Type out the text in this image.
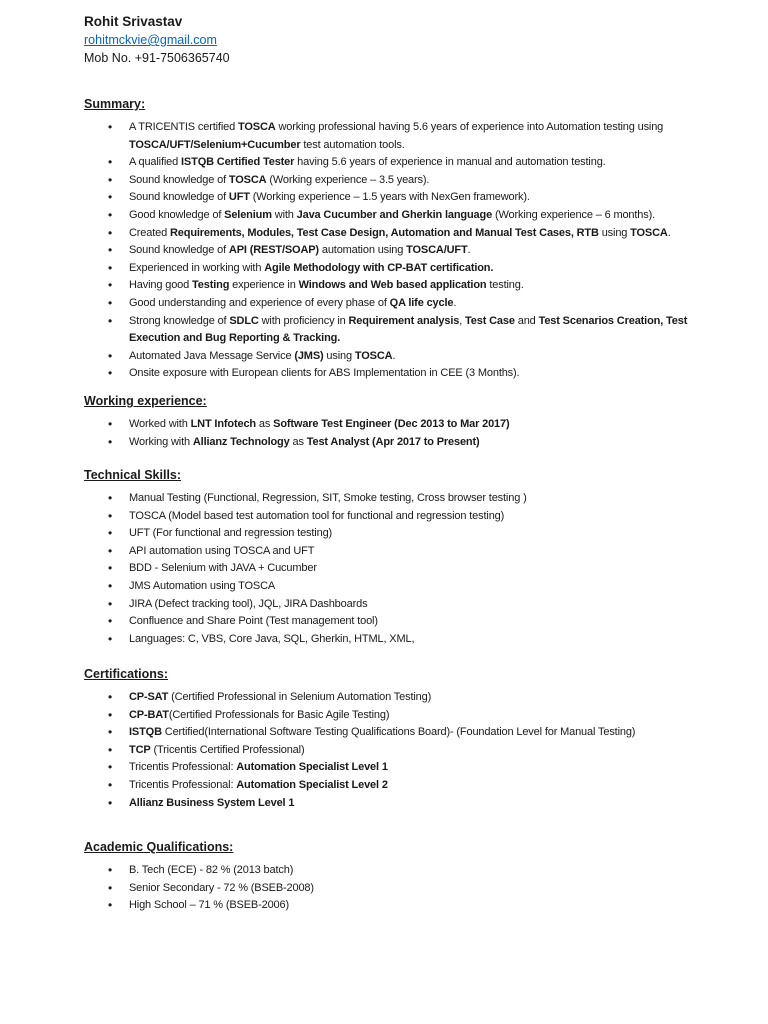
Rohit Srivastav
rohitmckvie@gmail.com
Mob No. +91-7506365740
Summary:
• A TRICENTIS certified TOSCA working professional having 5.6 years of experience into Automation testing using TOSCA/UFT/Selenium+Cucumber test automation tools.
• A qualified ISTQB Certified Tester having 5.6 years of experience in manual and automation testing.
• Sound knowledge of TOSCA (Working experience – 3.5 years).
• Sound knowledge of UFT (Working experience – 1.5 years with NexGen framework).
• Good knowledge of Selenium with Java Cucumber and Gherkin language (Working experience – 6 months).
• Created Requirements, Modules, Test Case Design, Automation and Manual Test Cases, RTB using TOSCA.
• Sound knowledge of API (REST/SOAP) automation using TOSCA/UFT.
• Experienced in working with Agile Methodology with CP-BAT certification.
• Having good Testing experience in Windows and Web based application testing.
• Good understanding and experience of every phase of QA life cycle.
• Strong knowledge of SDLC with proficiency in Requirement analysis, Test Case and Test Scenarios Creation, Test Execution and Bug Reporting & Tracking.
• Automated Java Message Service (JMS) using TOSCA.
• Onsite exposure with European clients for ABS Implementation in CEE (3 Months).
Working experience:
• Worked with LNT Infotech as Software Test Engineer (Dec 2013 to Mar 2017)
• Working with Allianz Technology as Test Analyst (Apr 2017 to Present)
Technical Skills:
• Manual Testing (Functional, Regression, SIT, Smoke testing, Cross browser testing )
• TOSCA (Model based test automation tool for functional and regression testing)
• UFT (For functional and regression testing)
• API automation using TOSCA and UFT
• BDD - Selenium with JAVA + Cucumber
• JMS Automation using TOSCA
• JIRA (Defect tracking tool), JQL, JIRA Dashboards
• Confluence and Share Point (Test management tool)
• Languages: C, VBS, Core Java, SQL, Gherkin, HTML, XML,
Certifications:
• CP-SAT (Certified Professional in Selenium Automation Testing)
• CP-BAT(Certified Professionals for Basic Agile Testing)
• ISTQB Certified(International Software Testing Qualifications Board)- (Foundation Level for Manual Testing)
• TCP (Tricentis Certified Professional)
• Tricentis Professional: Automation Specialist Level 1
• Tricentis Professional: Automation Specialist Level 2
• Allianz Business System Level 1
Academic Qualifications:
• B. Tech (ECE) - 82 % (2013 batch)
• Senior Secondary - 72 % (BSEB-2008)
• High School – 71 % (BSEB-2006)
